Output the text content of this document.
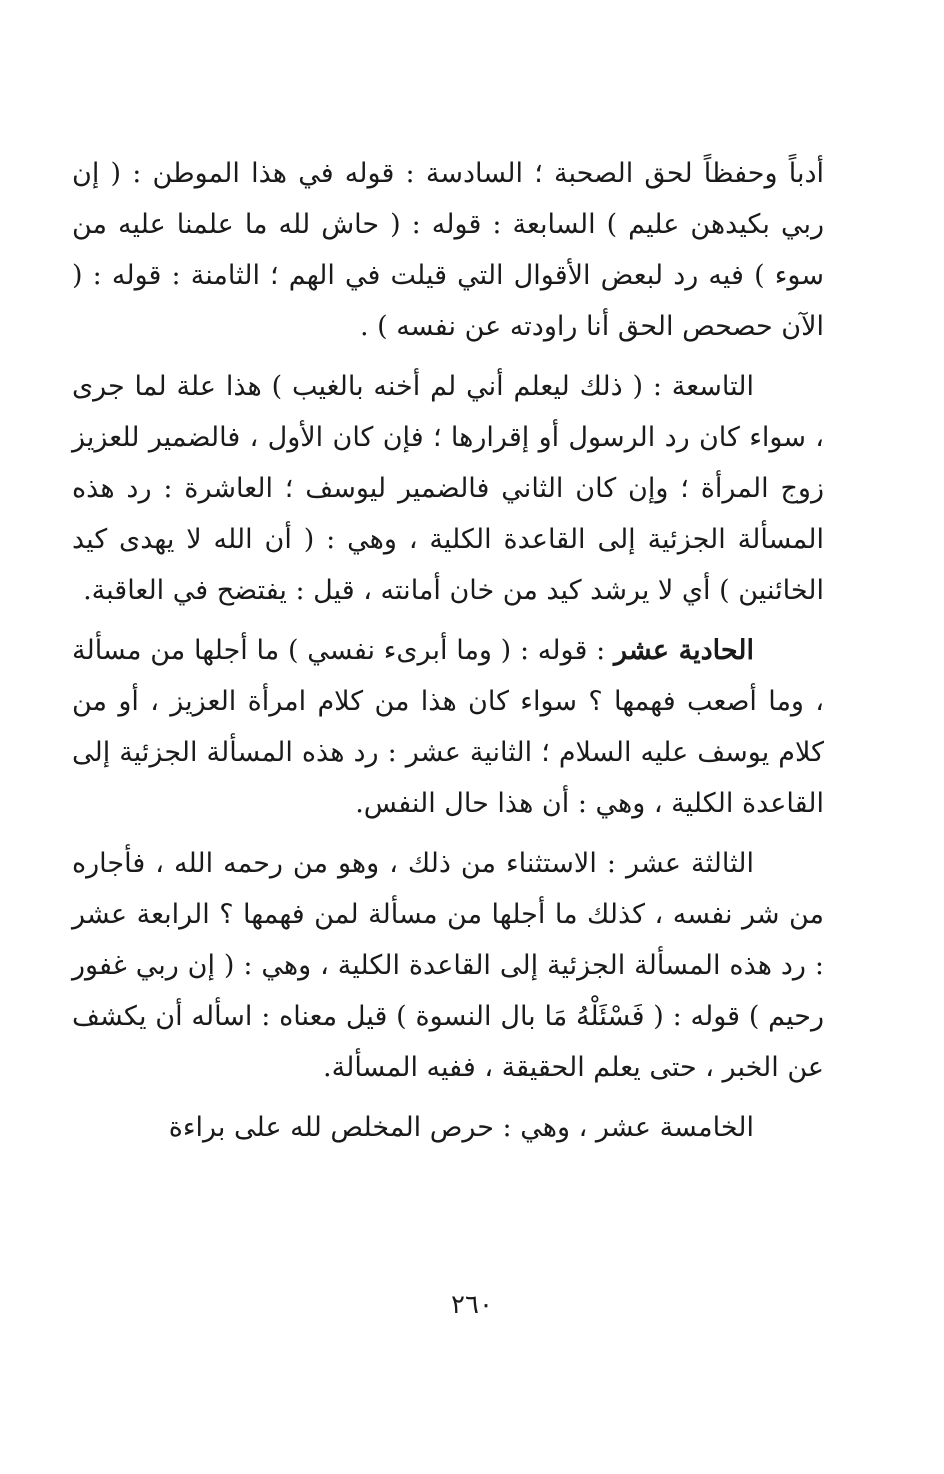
أدباً وحفظاً لحق الصحبة ؛ السادسة : قوله في هذا الموطن : ( إن ربي بكيدهن عليم ) السابعة : قوله : ( حاش لله ما علمنا عليه من سوء ) فيه رد لبعض الأقوال التي قيلت في الهم ؛ الثامنة : قوله : ( الآن حصحص الحق أنا راودته عن نفسه ) .

التاسعة : ( ذلك ليعلم أني لم أخنه بالغيب ) هذا علة لما جرى ، سواء كان رد الرسول أو إقرارها ؛ فإن كان الأول ، فالضمير للعزيز زوج المرأة ؛ وإن كان الثاني فالضمير ليوسف ؛ العاشرة : رد هذه المسألة الجزئية إلى القاعدة الكلية ، وهي : ( أن الله لا يهدى كيد الخائنين ) أي لا يرشد كيد من خان أمانته ، قيل : يفتضح في العاقبة.

الحادية عشر : قوله : ( وما أبرىء نفسي ) ما أجلها من مسألة ، وما أصعب فهمها ؟ سواء كان هذا من كلام امرأة العزيز ، أو من كلام يوسف عليه السلام ؛ الثانية عشر : رد هذه المسألة الجزئية إلى القاعدة الكلية ، وهي : أن هذا حال النفس.

الثالثة عشر : الاستثناء من ذلك ، وهو من رحمه الله ، فأجاره من شر نفسه ، كذلك ما أجلها من مسألة لمن فهمها ؟ الرابعة عشر : رد هذه المسألة الجزئية إلى القاعدة الكلية ، وهي : ( إن ربي غفور رحيم ) قوله : ( فَسْئَلْهُ مَا بال النسوة ) قيل معناه : اسأله أن يكشف عن الخبر ، حتى يعلم الحقيقة ، ففيه المسألة.

الخامسة عشر ، وهي : حرص المخلص لله على براءة

٢٦٠
